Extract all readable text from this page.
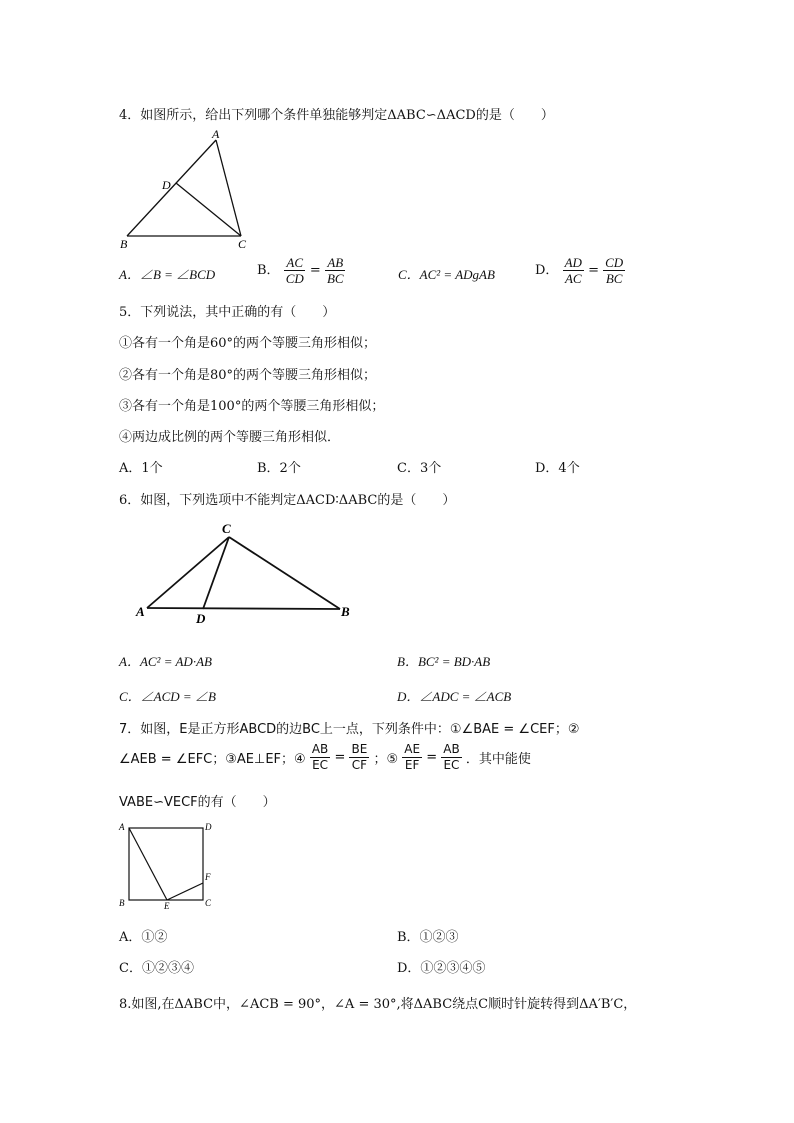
4．如图所示，给出下列哪个条件单独能够判定ΔABC∽ΔACD的是（　　）
A
D
B	C
A．∠B = ∠BCD	B． $\frac{AC}{CD} = \frac{AB}{BC}$	C．AC² = ADgAB	D． $\frac{AD}{AC} = \frac{CD}{BC}$
5．下列说法，其中正确的有（　　）
①各有一个角是60°的两个等腰三角形相似；
②各有一个角是80°的两个等腰三角形相似；
③各有一个角是100°的两个等腰三角形相似；
④两边成比例的两个等腰三角形相似．
A．1个	B．2个	C．3个	D．4个
6．如图，下列选项中不能判定ΔACD∶ΔABC的是（　　）
C
A	D	B
A．AC² = AD·AB	B．BC² = BD·AB
C．∠ACD = ∠B	D．∠ADC = ∠ACB
7．如图，E是正方形ABCD的边BC上一点，下列条件中：①∠BAE = ∠CEF；②
∠AEB = ∠EFC；③AE⊥EF；④ $\frac{AB}{EC} = \frac{BE}{CF}$ ；⑤ $\frac{AE}{EF} = \frac{AB}{EC}$ ．其中能使
VABE∽VECF的有（　　）
A	D
F
B	E	C
A．①②	B．①②③
C．①②③④	D．①②③④⑤
8.如图,在ΔABC中，∠ACB = 90°，∠A = 30°,将ΔABC绕点C顺时针旋转得到ΔA′B′C，
